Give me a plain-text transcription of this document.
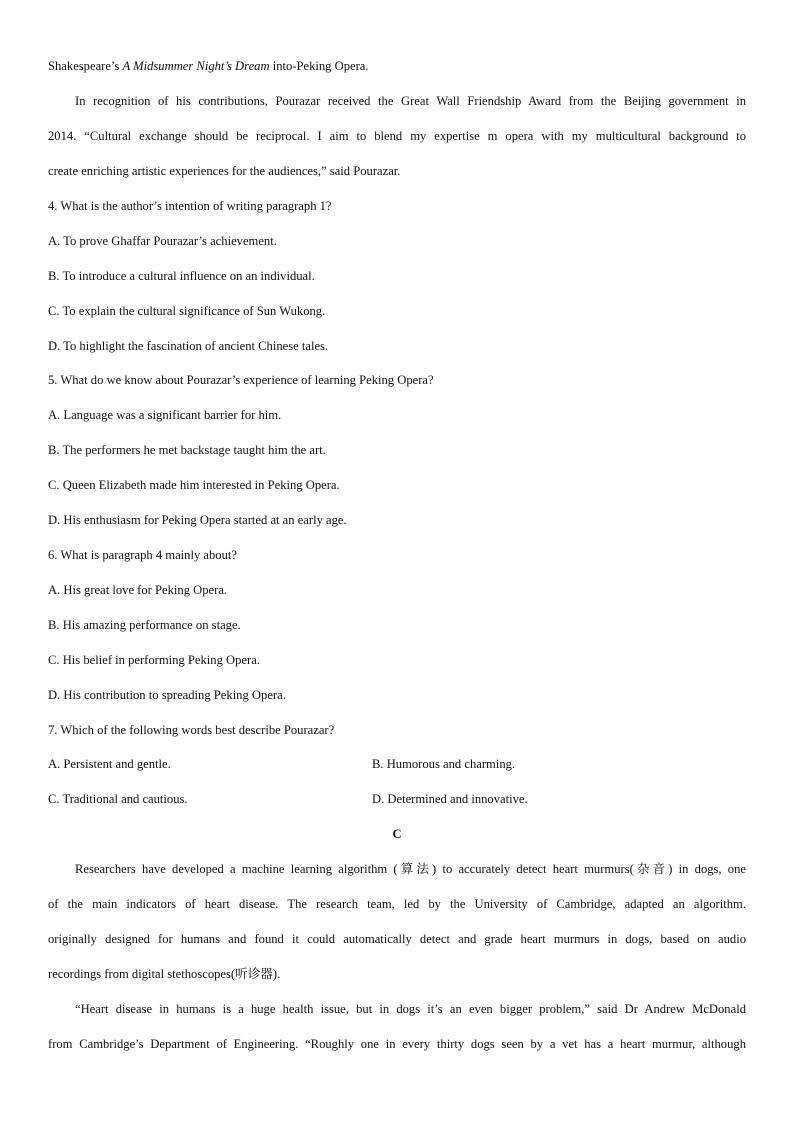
Shakespeare’s A Midsummer Night’s Dream into-Peking Opera.
In recognition of his contributions, Pourazar received the Great Wall Friendship Award from the Beijing government in
2014. “Cultural exchange should be reciprocal. I aim to blend my expertise m opera with my multicultural background to
create enriching artistic experiences for the audiences,” said Pourazar.
4. What is the author’s intention of writing paragraph 1?
A. To prove Ghaffar Pourazar’s achievement.
B. To introduce a cultural influence on an individual.
C. To explain the cultural significance of Sun Wukong.
D. To highlight the fascination of ancient Chinese tales.
5. What do we know about Pourazar’s experience of learning Peking Opera?
A. Language was a significant barrier for him.
B. The performers he met backstage taught him the art.
C. Queen Elizabeth made him interested in Peking Opera.
D. His enthusiasm for Peking Opera started at an early age.
6. What is paragraph 4 mainly about?
A. His great love for Peking Opera.
B. His amazing performance on stage.
C. His belief in performing Peking Opera.
D. His contribution to spreading Peking Opera.
7. Which of the following words best describe Pourazar?
A. Persistent and gentle.	B. Humorous and charming.
C. Traditional and cautious.	D. Determined and innovative.
C
Researchers have developed a machine learning algorithm (算法) to accurately detect heart murmurs(杂音) in dogs, one
of the main indicators of heart disease. The research team, led by the University of Cambridge, adapted an algorithm.
originally designed for humans and found it could automatically detect and grade heart murmurs in dogs, based on audio
recordings from digital stethoscopes(听诊器).
“Heart disease in humans is a huge health issue, but in dogs it’s an even bigger problem,” said Dr Andrew McDonald
from Cambridge’s Department of Engineering. “Roughly one in every thirty dogs seen by a vet has a heart murmur, although
